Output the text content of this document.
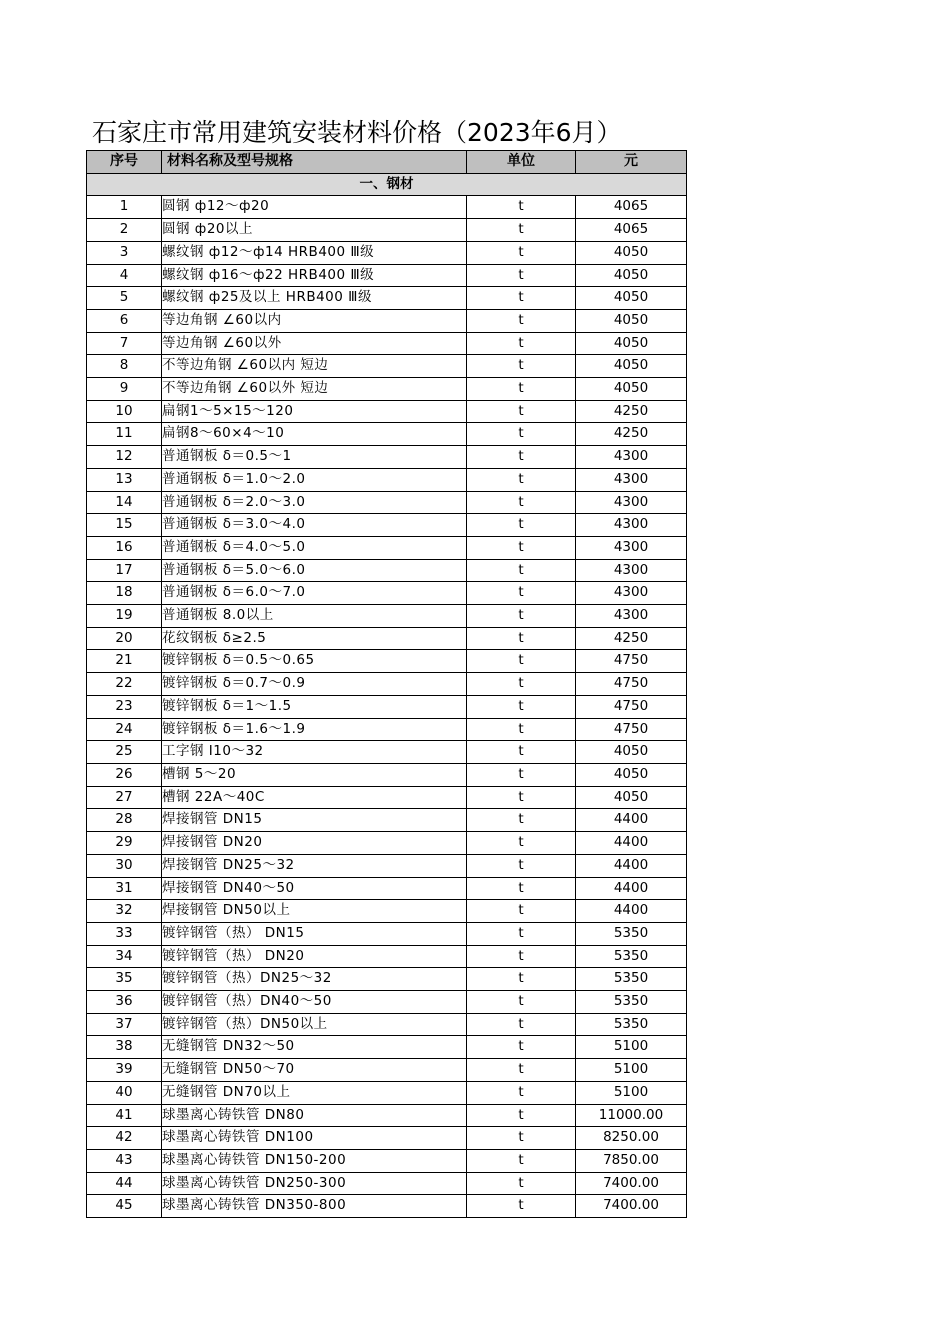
石家庄市常用建筑安装材料价格（2023年6月）
序号	材料名称及型号规格	单位	元
一、钢材			
1	圆钢 ф12～ф20	t	4065
2	圆钢 ф20以上	t	4065
3	螺纹钢 ф12～ф14 HRB400 Ⅲ级	t	4050
4	螺纹钢 ф16～ф22 HRB400 Ⅲ级	t	4050
5	螺纹钢 ф25及以上 HRB400 Ⅲ级	t	4050
6	等边角钢 ∠60以内	t	4050
7	等边角钢 ∠60以外	t	4050
8	不等边角钢 ∠60以内 短边	t	4050
9	不等边角钢 ∠60以外 短边	t	4050
10	扁钢1～5×15～120	t	4250
11	扁钢8～60×4～10	t	4250
12	普通钢板 δ＝0.5～1	t	4300
13	普通钢板 δ＝1.0～2.0	t	4300
14	普通钢板 δ＝2.0～3.0	t	4300
15	普通钢板 δ＝3.0～4.0	t	4300
16	普通钢板 δ＝4.0～5.0	t	4300
17	普通钢板 δ＝5.0～6.0	t	4300
18	普通钢板 δ＝6.0～7.0	t	4300
19	普通钢板 8.0以上	t	4300
20	花纹钢板 δ≥2.5	t	4250
21	镀锌钢板 δ＝0.5～0.65	t	4750
22	镀锌钢板 δ＝0.7～0.9	t	4750
23	镀锌钢板 δ＝1～1.5	t	4750
24	镀锌钢板 δ＝1.6～1.9	t	4750
25	工字钢 Ⅰ10～32	t	4050
26	槽钢 5～20	t	4050
27	槽钢 22A～40C	t	4050
28	焊接钢管 DN15	t	4400
29	焊接钢管 DN20	t	4400
30	焊接钢管 DN25～32	t	4400
31	焊接钢管 DN40～50	t	4400
32	焊接钢管 DN50以上	t	4400
33	镀锌钢管（热） DN15	t	5350
34	镀锌钢管（热） DN20	t	5350
35	镀锌钢管（热）DN25～32	t	5350
36	镀锌钢管（热）DN40～50	t	5350
37	镀锌钢管（热）DN50以上	t	5350
38	无缝钢管 DN32～50	t	5100
39	无缝钢管 DN50～70	t	5100
40	无缝钢管 DN70以上	t	5100
41	球墨离心铸铁管 DN80	t	11000.00
42	球墨离心铸铁管 DN100	t	8250.00
43	球墨离心铸铁管 DN150-200	t	7850.00
44	球墨离心铸铁管 DN250-300	t	7400.00
45	球墨离心铸铁管 DN350-800	t	7400.00
